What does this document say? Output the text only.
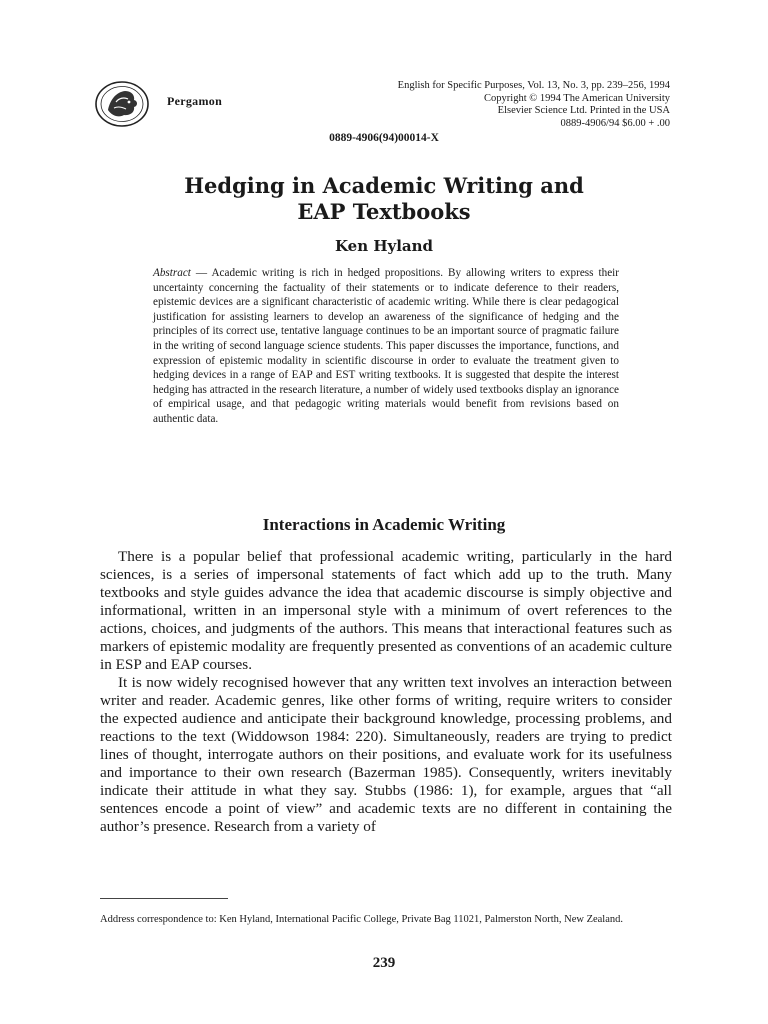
Pergamon
English for Specific Purposes, Vol. 13, No. 3, pp. 239–256, 1994
Copyright © 1994 The American University
Elsevier Science Ltd. Printed in the USA
0889-4906/94 $6.00 + .00
0889-4906(94)00014-X
Hedging in Academic Writing and
EAP Textbooks
Ken Hyland
Abstract — Academic writing is rich in hedged propositions. By allowing writers to express their uncertainty concerning the factuality of their statements or to indicate deference to their readers, epistemic devices are a significant characteristic of academic writing. While there is clear pedagogical justification for assisting learners to develop an awareness of the significance of hedging and the principles of its correct use, tentative language continues to be an important source of pragmatic failure in the writing of second language science students. This paper discusses the importance, functions, and expression of epistemic modality in scientific discourse in order to evaluate the treatment given to hedging devices in a range of EAP and EST writing textbooks. It is suggested that despite the interest hedging has attracted in the research literature, a number of widely used textbooks display an ignorance of empirical usage, and that pedagogic writing materials would benefit from revisions based on authentic data.
Interactions in Academic Writing

There is a popular belief that professional academic writing, particularly in the hard sciences, is a series of impersonal statements of fact which add up to the truth. Many textbooks and style guides advance the idea that academic discourse is simply objective and informational, written in an impersonal style with a minimum of overt references to the actions, choices, and judgments of the authors. This means that interactional features such as markers of epistemic modality are frequently presented as conventions of an academic culture in ESP and EAP courses.

It is now widely recognised however that any written text involves an interaction between writer and reader. Academic genres, like other forms of writing, require writers to consider the expected audience and anticipate their background knowledge, processing problems, and reactions to the text (Widdowson 1984: 220). Simultaneously, readers are trying to predict lines of thought, interrogate authors on their positions, and evaluate work for its usefulness and importance to their own research (Bazerman 1985). Consequently, writers inevitably indicate their attitude in what they say. Stubbs (1986: 1), for example, argues that “all sentences encode a point of view” and academic texts are no different in containing the author’s presence. Research from a variety of

Address correspondence to: Ken Hyland, International Pacific College, Private Bag 11021, Palmerston North, New Zealand.
239
